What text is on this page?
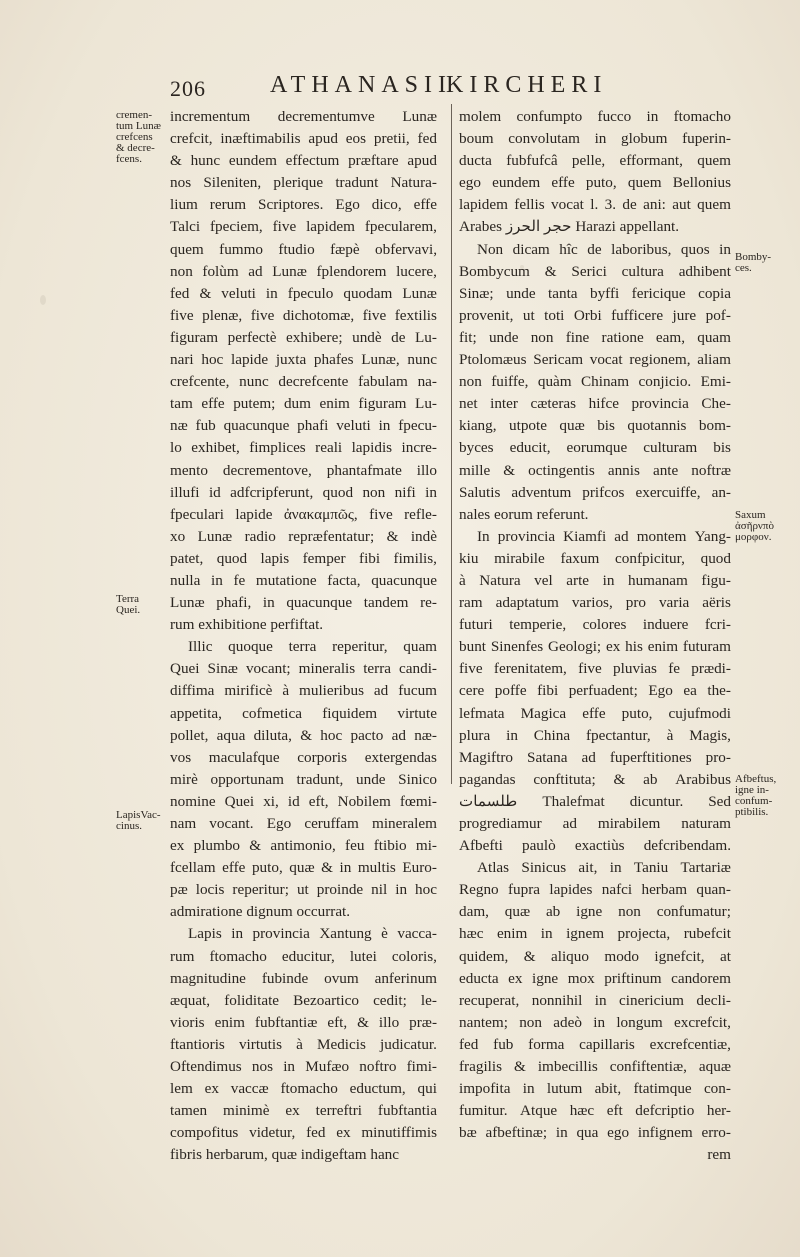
206	ATHANASII
KIRCHERI
cremen-
tum Lunæ
crefcens
& decre-
fcens.
Terra
Quei.
LapisVac-
cinus.
Bomby-
ces.
Saxum
ἀσῆρνπὸ
μορφον.
Afbeftus,
igne in-
confum-
ptibilis.
incrementum decrementumve Lunæ
crefcit, inæftimabilis apud eos pretii, fed
& hunc eundem effectum præftare apud
nos Sileniten, plerique tradunt Natura-
lium rerum Scriptores. Ego dico, effe
Talci fpeciem, five lapidem fpecularem,
quem fummo ftudio fæpè obfervavi,
non folùm ad Lunæ fplendorem lucere,
fed & veluti in fpeculo quodam Lunæ
five plenæ, five dichotomæ, five fextilis
figuram perfectè exhibere; undè de Lu-
nari hoc lapide juxta phafes Lunæ, nunc
crefcente, nunc decrefcente fabulam na-
tam effe putem; dum enim figuram Lu-
næ fub quacunque phafi veluti in fpecu-
lo exhibet, fimplices reali lapidis incre-
mento decrementove, phantafmate illo
illufi id adfcripferunt, quod non nifi in
fpeculari lapide ἀνακαμπῶς, five refle-
xo Lunæ radio repræfentatur; & indè
patet, quod lapis femper fibi fimilis,
nulla in fe mutatione facta, quacunque
Lunæ phafi, in quacunque tandem re-
rum exhibitione perfiftat.
Illic quoque terra reperitur, quam
Quei Sinæ vocant; mineralis terra candi-
diffima mirificè à mulieribus ad fucum
appetita, cofmetica fiquidem virtute
pollet, aqua diluta, & hoc pacto ad næ-
vos maculafque corporis extergendas
mirè opportunam tradunt, unde Sinico
nomine Quei xi, id eft, Nobilem fœmi-
nam vocant. Ego ceruffam mineralem
ex plumbo & antimonio, feu ftibio mi-
fcellam effe puto, quæ & in multis Euro-
pæ locis reperitur; ut proinde nil in hoc
admiratione dignum occurrat.
Lapis in provincia Xantung è vacca-
rum ftomacho educitur, lutei coloris,
magnitudine fubinde ovum anferinum
æquat, foliditate Bezoartico cedit; le-
vioris enim fubftantiæ eft, & illo præ-
ftantioris virtutis à Medicis judicatur.
Oftendimus nos in Mufæo noftro fimi-
lem ex vaccæ ftomacho eductum, qui
tamen minimè ex terreftri fubftantia
compofitus videtur, fed ex minutiffimis
fibris herbarum, quæ indigeftam hanc
molem confumpto fucco in ftomacho
boum convolutam in globum fuperin-
ducta fubfufcâ pelle, efformant, quem
ego eundem effe puto, quem Bellonius
lapidem fellis vocat l. 3. de ani: aut quem
Arabes حجر الحرز Harazi appellant.
Non dicam hîc de laboribus, quos in
Bombycum & Serici cultura adhibent
Sinæ; unde tanta byffi fericique copia
provenit, ut toti Orbi fufficere jure pof-
fit; unde non fine ratione eam, quam
Ptolomæus Sericam vocat regionem, aliam
non fuiffe, quàm Chinam conjicio. Emi-
net inter cæteras hifce provincia Che-
kiang, utpote quæ bis quotannis bom-
byces educit, eorumque culturam bis
mille & octingentis annis ante noftræ
Salutis adventum prifcos exercuiffe, an-
nales eorum referunt.
In provincia Kiamfi ad montem Yang-
kiu mirabile faxum confpicitur, quod
à Natura vel arte in humanam figu-
ram adaptatum varios, pro varia aëris
futuri temperie, colores induere fcri-
bunt Sinenfes Geologi; ex his enim futuram
five ferenitatem, five pluvias fe prædi-
cere poffe fibi perfuadent; Ego ea the-
lefmata Magica effe puto, cujufmodi
plura in China fpectantur, à Magis,
Magiftro Satana ad fuperftitiones pro-
pagandas conftituta; & ab Arabibus
طلسمات Thalefmat dicuntur. Sed
progrediamur ad mirabilem naturam
Afbefti paulò exactiùs defcribendam.
Atlas Sinicus ait, in Taniu Tartariæ
Regno fupra lapides nafci herbam quan-
dam, quæ ab igne non confumatur;
hæc enim in ignem projecta, rubefcit
quidem, & aliquo modo ignefcit, at
educta ex igne mox priftinum candorem
recuperat, nonnihil in cinericium decli-
nantem; non adeò in longum excrefcit,
fed fub forma capillaris excrefcentiæ,
fragilis & imbecillis confiftentiæ, aquæ
impofita in lutum abit, ftatimque con-
fumitur. Atque hæc eft defcriptio her-
bæ afbeftinæ; in qua ego infignem erro-
rem
